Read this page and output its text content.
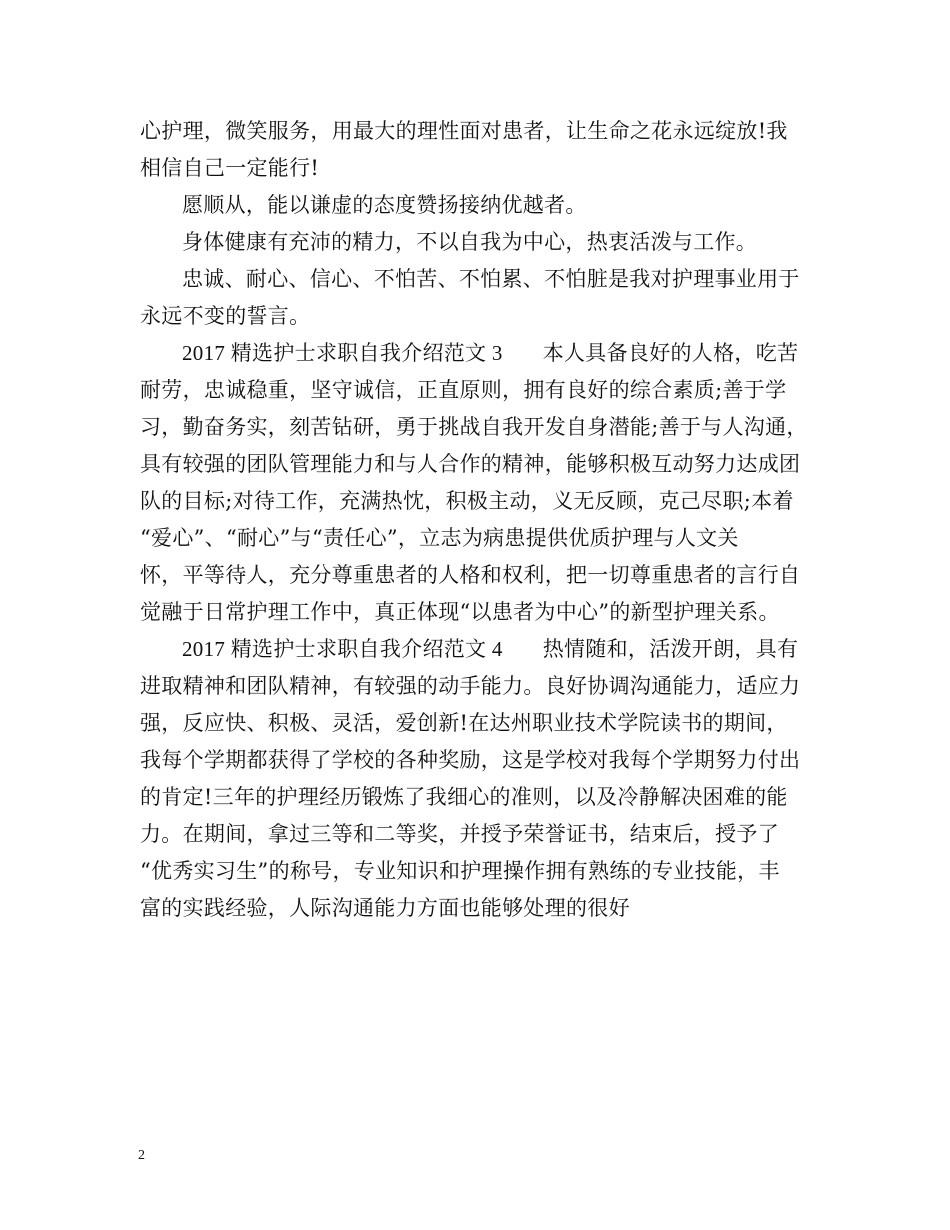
心护理，微笑服务，用最大的理性面对患者，让生命之花永远绽放!我
相信自己一定能行!
愿顺从，能以谦虚的态度赞扬接纳优越者。
身体健康有充沛的精力，不以自我为中心，热衷活泼与工作。
忠诚、耐心、信心、不怕苦、不怕累、不怕脏是我对护理事业用于
永远不变的誓言。
2017 精选护士求职自我介绍范文 3 本人具备良好的人格，吃苦
耐劳，忠诚稳重，坚守诚信，正直原则，拥有良好的综合素质;善于学
习，勤奋务实，刻苦钻研，勇于挑战自我开发自身潜能;善于与人沟通，
具有较强的团队管理能力和与人合作的精神，能够积极互动努力达成团
队的目标;对待工作，充满热忱，积极主动，义无反顾，克己尽职;本着
“爱心”、“耐心”与“责任心”，立志为病患提供优质护理与人文关
怀，平等待人，充分尊重患者的人格和权利，把一切尊重患者的言行自
觉融于日常护理工作中，真正体现“以患者为中心”的新型护理关系。
2017 精选护士求职自我介绍范文 4 热情随和，活泼开朗，具有
进取精神和团队精神，有较强的动手能力。良好协调沟通能力，适应力
强，反应快、积极、灵活，爱创新!在达州职业技术学院读书的期间，
我每个学期都获得了学校的各种奖励，这是学校对我每个学期努力付出
的肯定!三年的护理经历锻炼了我细心的准则，以及冷静解决困难的能
力。在期间，拿过三等和二等奖，并授予荣誉证书，结束后，授予了
“优秀实习生”的称号，专业知识和护理操作拥有熟练的专业技能，丰
富的实践经验，人际沟通能力方面也能够处理的很好
2
